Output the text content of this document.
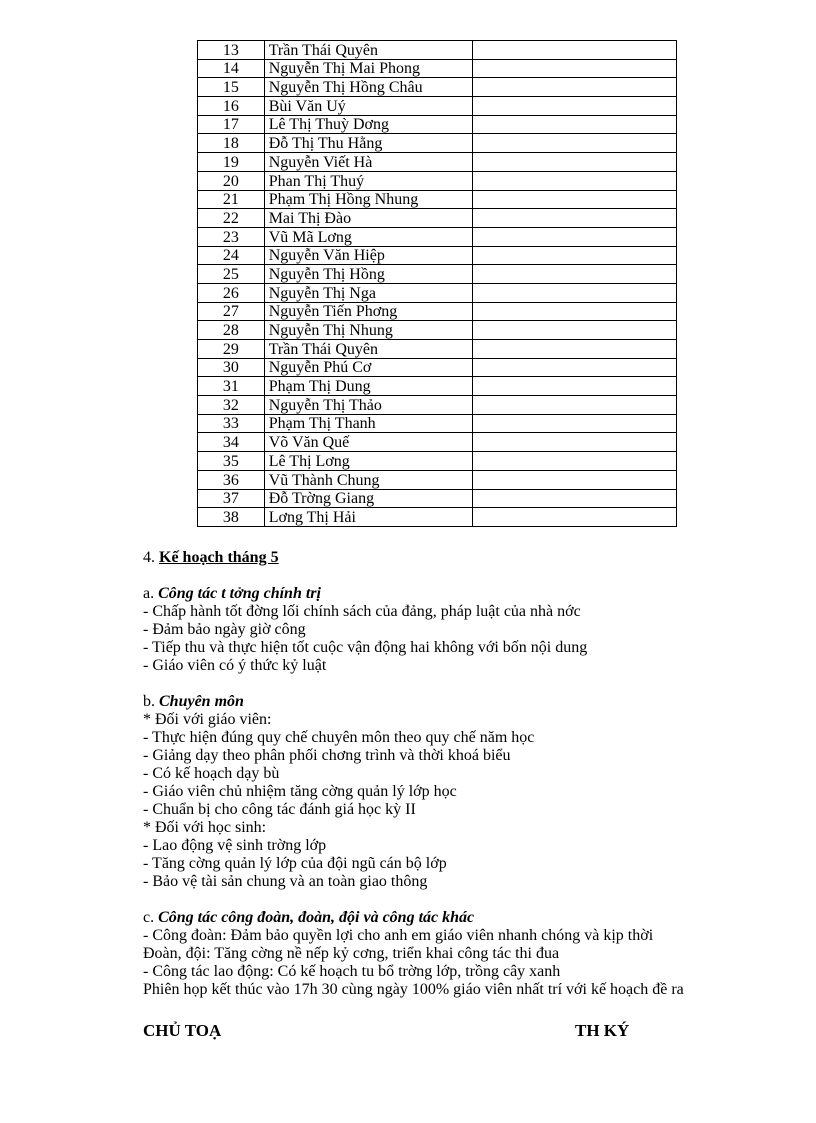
13	Trần Thái Quyên	
14	Nguyễn Thị Mai Phong	
15	Nguyễn Thị Hồng Châu	
16	Bùi Văn Uý	
17	Lê Thị Thuỳ Dơng	
18	Đỗ Thị Thu Hằng	
19	Nguyễn Viết Hà	
20	Phan Thị Thuý	
21	Phạm Thị Hồng Nhung	
22	Mai Thị Đào	
23	Vũ Mã Lơng	
24	Nguyễn Văn Hiệp	
25	Nguyễn Thị Hồng	
26	Nguyễn Thị Nga	
27	Nguyễn Tiến Phơng	
28	Nguyễn Thị Nhung	
29	Trần Thái Quyên	
30	Nguyễn Phú Cơ	
31	Phạm Thị Dung	
32	Nguyễn Thị Thảo	
33	Phạm Thị Thanh	
34	Võ Văn Quế	
35	Lê Thị Lơng	
36	Vũ Thành Chung	
37	Đỗ Trờng Giang	
38	Lơng Thị Hải	
4. Kế hoạch tháng 5
a. Công tác t tởng chính trị
- Chấp hành tốt đờng lối chính sách của đảng, pháp luật của nhà nớc
- Đảm bảo ngày giờ công
- Tiếp thu và thực hiện tốt cuộc vận động hai không với bốn nội dung
- Giáo viên có ý thức kỷ luật
b. Chuyên môn
* Đối với giáo viên:
- Thực hiện đúng quy chế chuyên môn theo quy chế năm học
- Giảng dạy theo phân phối chơng trình và thời khoá biểu
- Có kế hoạch dạy bù
- Giáo viên chủ nhiệm tăng cờng quản lý lớp học
- Chuẩn bị cho công tác đánh giá học kỳ II
* Đối với học sinh:
- Lao động vệ sinh trờng lớp
- Tăng cờng quản lý lớp của đội ngũ cán bộ lớp
- Bảo vệ tài sản chung và an toàn giao thông
c. Công tác công đoàn, đoàn, đội và công tác khác
- Công đoàn: Đảm bảo quyền lợi cho anh em giáo viên nhanh chóng và kịp thời
Đoàn, đội: Tăng cờng nề nếp kỷ cơng, triển khai công tác thi đua
- Công tác lao động: Có kế hoạch tu bổ trờng lớp, trồng cây xanh
Phiên họp kết thúc vào 17h 30 cùng ngày 100% giáo viên nhất trí với kế hoạch đề ra
CHỦ TOẠ	TH KÝ
